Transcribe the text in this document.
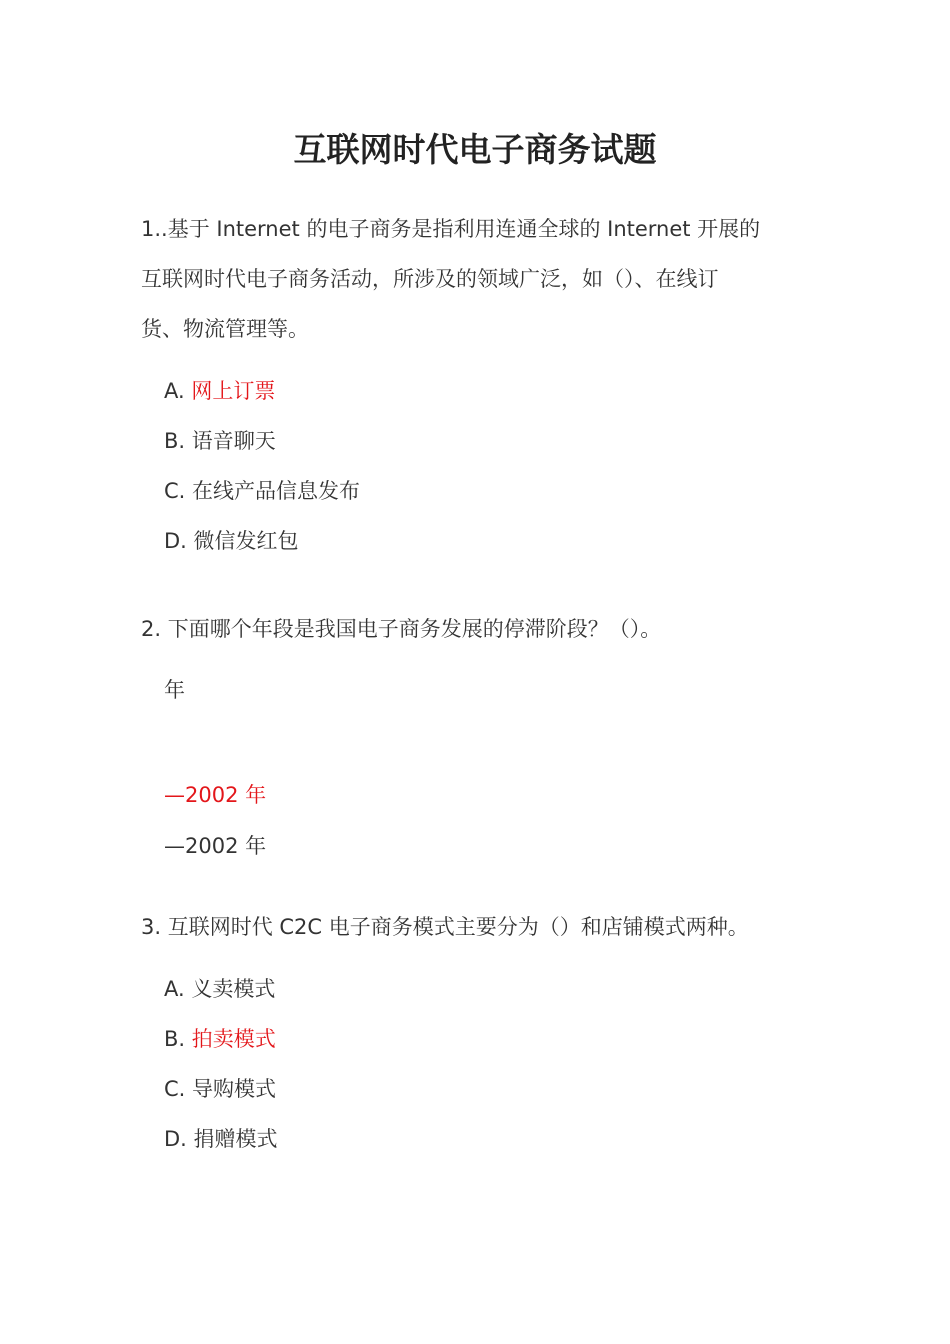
互联网时代电子商务试题
1..基于 Internet 的电子商务是指利用连通全球的 Internet 开展的
互联网时代电子商务活动，所涉及的领域广泛，如（）、在线订
货、物流管理等。
A. 网上订票
B. 语音聊天
C. 在线产品信息发布
D. 微信发红包
2. 下面哪个年段是我国电子商务发展的停滞阶段？（）。
年
—2002 年
—2002 年
3. 互联网时代 C2C 电子商务模式主要分为（）和店铺模式两种。
A. 义卖模式
B. 拍卖模式
C. 导购模式
D. 捐赠模式
